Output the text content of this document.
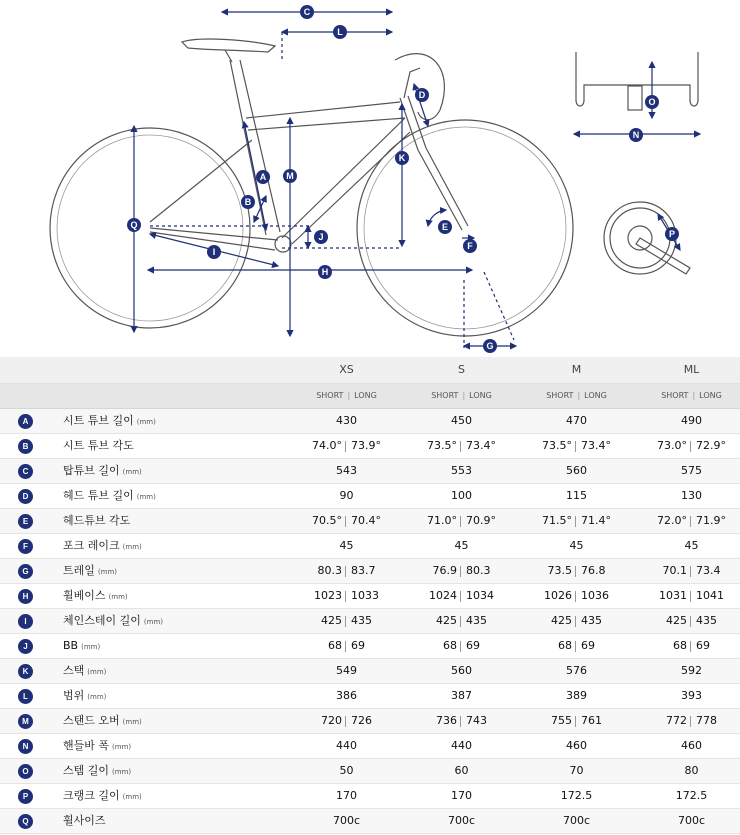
A
B
C
D
E
F
G
H
I
J
K
L
M
N
O
P
Q
XS	S	M	ML
SHORT | LONG	SHORT | LONG	SHORT | LONG	SHORT | LONG
A	시트 튜브 길이 (mm)	430	450	470	490
B	시트 튜브 각도	74.0° 73.9°	73.5° 73.4°	73.5° 73.4°	73.0° 72.9°
C	탑튜브 길이 (mm)	543	553	560	575
D	헤드 튜브 길이 (mm)	90	100	115	130
E	헤드튜브 각도	70.5° 70.4°	71.0° 70.9°	71.5° 71.4°	72.0° 71.9°
F	포크 레이크 (mm)	45	45	45	45
G	트레일 (mm)	80.3 83.7	76.9 80.3	73.5 76.8	70.1 73.4
H	휠베이스 (mm)	1023 1033	1024 1034	1026 1036	1031 1041
I	체인스테이 길이 (mm)	425 435	425 435	425 435	425 435
J	BB (mm)	68 69	68 69	68 69	68 69
K	스택 (mm)	549	560	576	592
L	범위 (mm)	386	387	389	393
M	스탠드 오버 (mm)	720 726	736 743	755 761	772 778
N	핸들바 폭 (mm)	440	440	460	460
O	스템 길이 (mm)	50	60	70	80
P	크랭크 길이 (mm)	170	170	172.5	172.5
Q	휠사이즈	700c	700c	700c	700c
